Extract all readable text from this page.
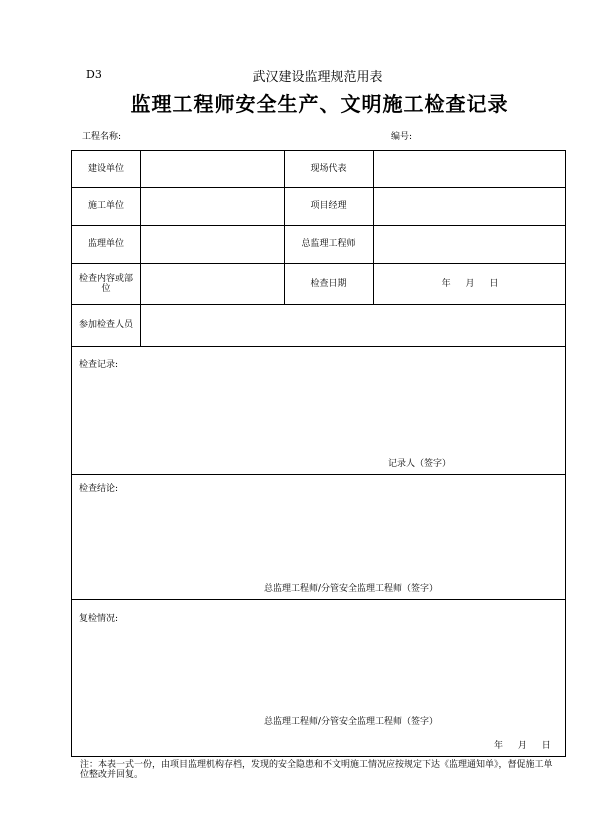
D3	武汉建设监理规范用表
监理工程师安全生产、文明施工检查记录
工程名称:	编号:
建设单位	现场代表
施工单位	项目经理
监理单位	总监理工程师
检查内容或部位	检查日期	年 月 日
参加检查人员
检查记录:
记录人（签字）
检查结论:
总监理工程师/分管安全监理工程师（签字）
复检情况:
总监理工程师/分管安全监理工程师（签字）
年 月 日
注：本表一式一份，由项目监理机构存档，发现的安全隐患和不文明施工情况应按规定下达《监理通知单》，督促施工单位整改并回复。
